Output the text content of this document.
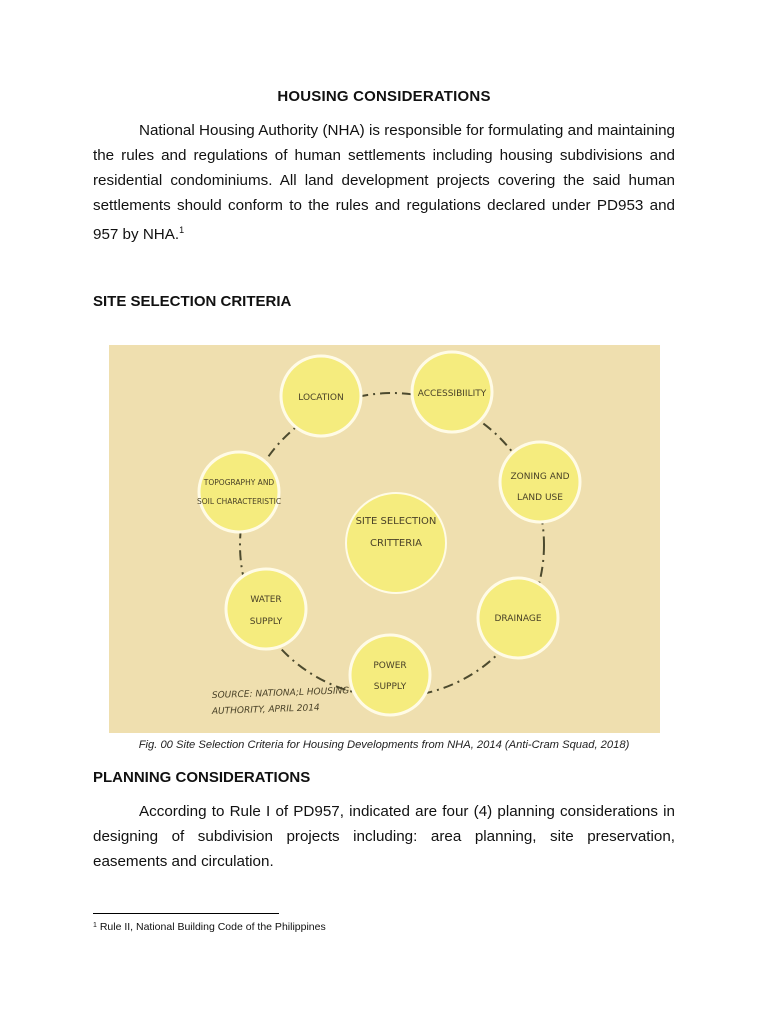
HOUSING CONSIDERATIONS

National Housing Authority (NHA) is responsible for formulating and maintaining the rules and regulations of human settlements including housing subdivisions and residential condominiums. All land development projects covering the said human settlements should conform to the rules and regulations declared under PD953 and 957 by NHA.$^1$

SITE SELECTION CRITERIA
SITE SELECTION
CRITTERIA
LOCATION	ACCESSIBIILITY
ZONING AND
LAND USE
DRAINAGE
POWER
SUPPLY
WATER
SUPPLY
TOPOGRAPHY AND
SOIL CHARACTERISTIC
SOURCE: NATIONA;L HOUSING
AUTHORITY, APRIL 2014
Fig. 00 Site Selection Criteria for Housing Developments from NHA, 2014 (Anti-Cram Squad, 2018)
PLANNING CONSIDERATIONS

According to Rule I of PD957, indicated are four (4) planning considerations in designing of subdivision projects including: area planning, site preservation, easements and circulation.

$^1$ Rule II, National Building Code of the Philippines
